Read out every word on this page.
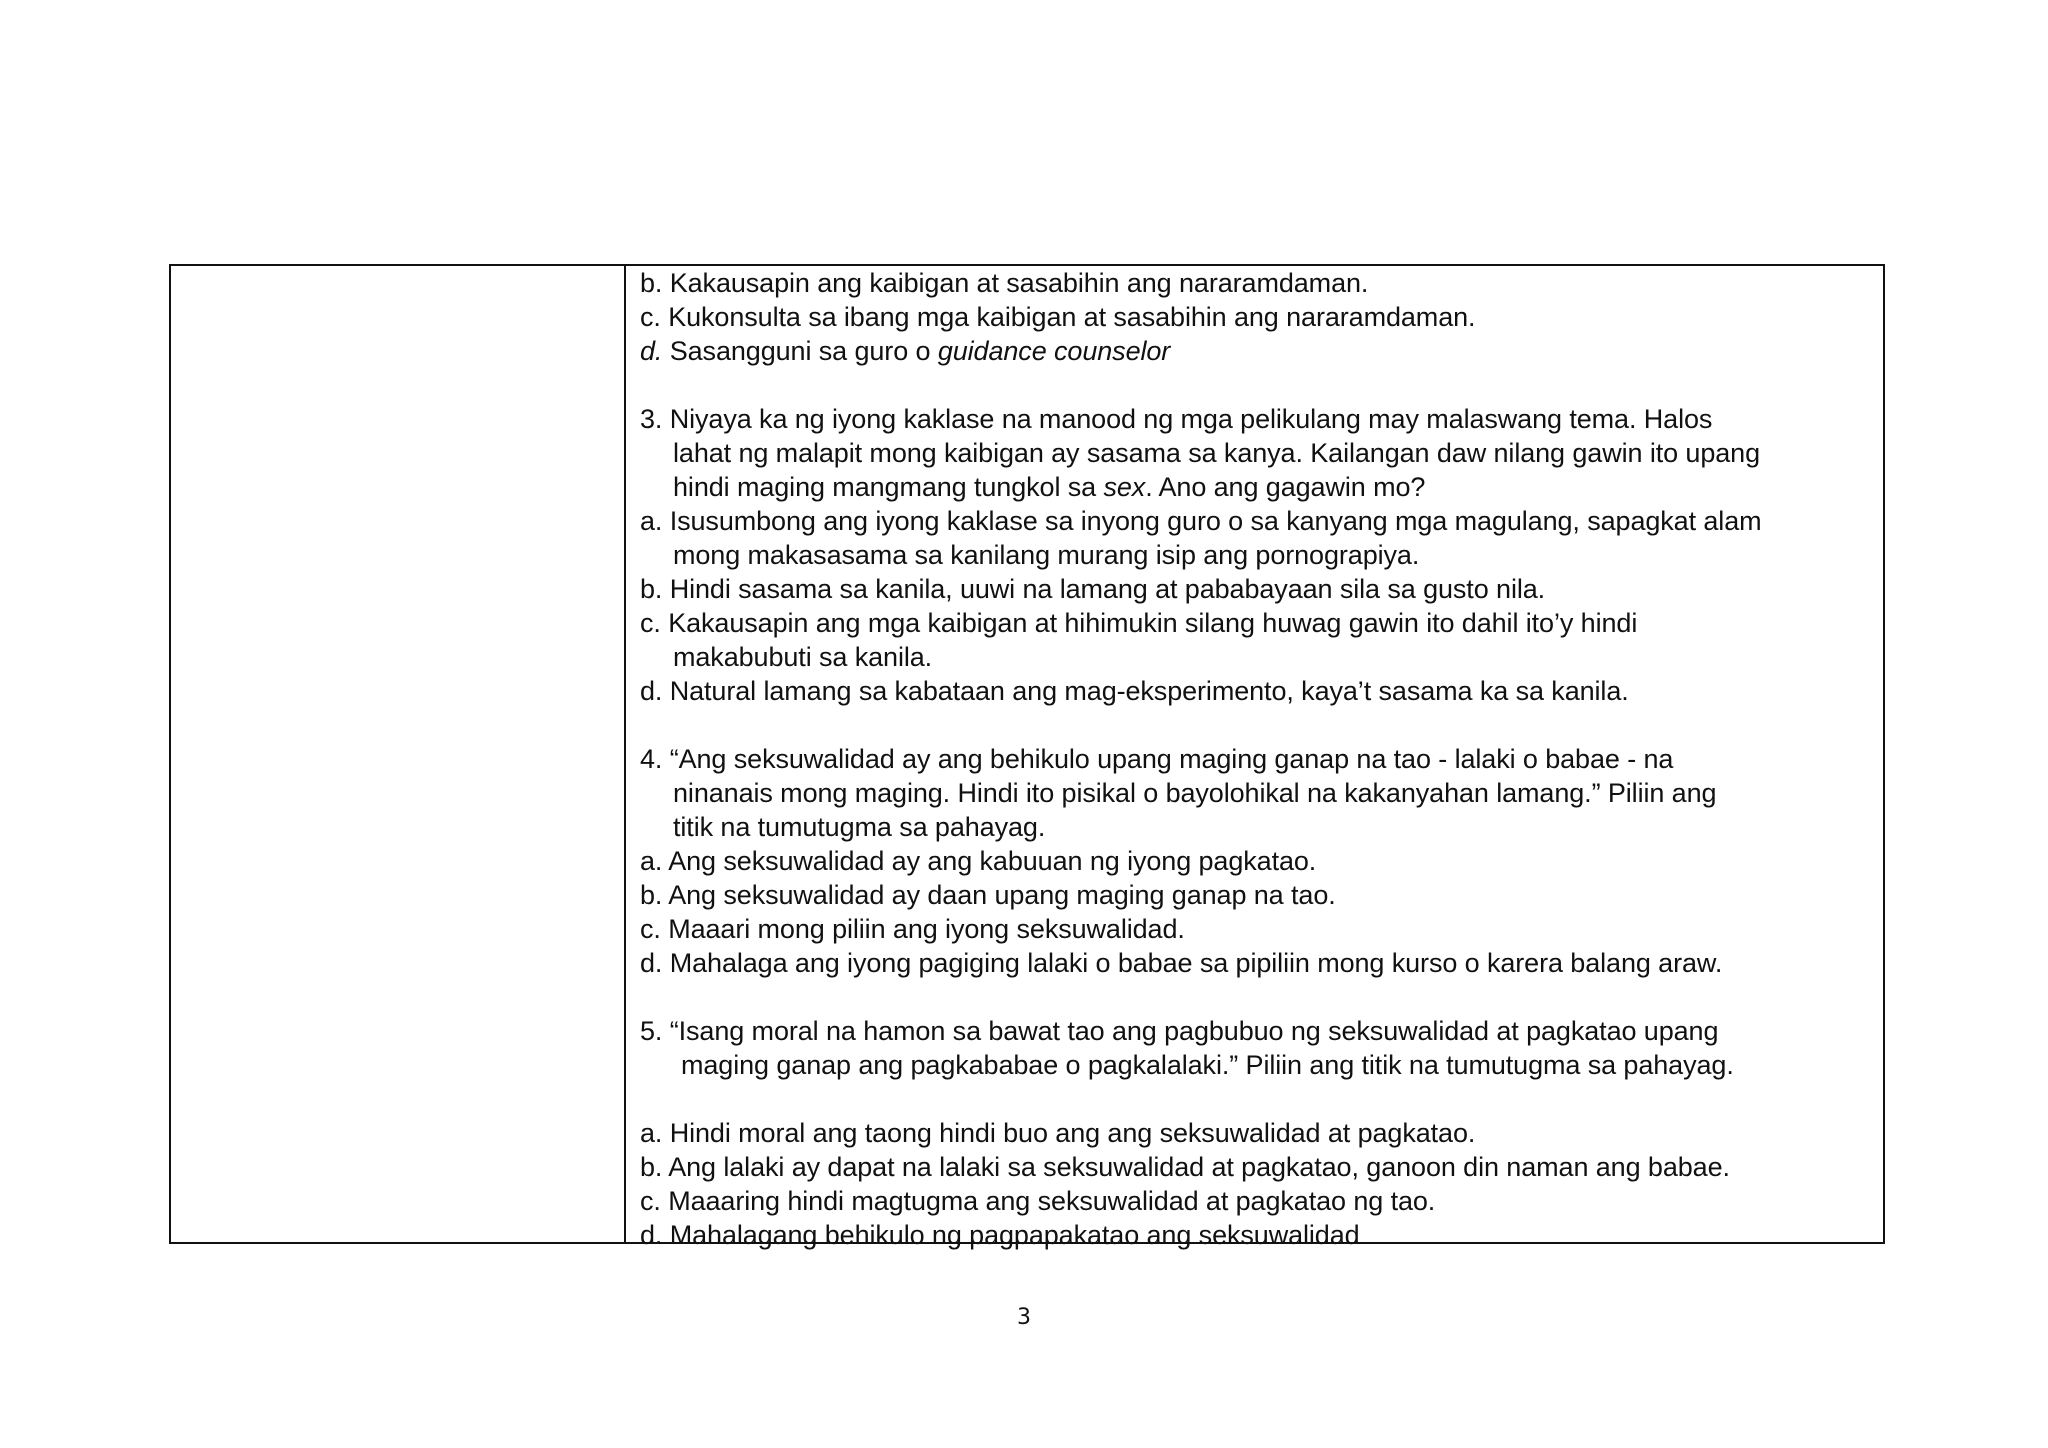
b. Kakausapin ang kaibigan at sasabihin ang nararamdaman.
c. Kukonsulta sa ibang mga kaibigan at sasabihin ang nararamdaman.
d. Sasangguni sa guro o guidance counselor
3. Niyaya ka ng iyong kaklase na manood ng mga pelikulang may malaswang tema. Halos
lahat ng malapit mong kaibigan ay sasama sa kanya. Kailangan daw nilang gawin ito upang
hindi maging mangmang tungkol sa sex. Ano ang gagawin mo?
a. Isusumbong ang iyong kaklase sa inyong guro o sa kanyang mga magulang, sapagkat alam
mong makasasama sa kanilang murang isip ang pornograpiya.
b. Hindi sasama sa kanila, uuwi na lamang at pababayaan sila sa gusto nila.
c. Kakausapin ang mga kaibigan at hihimukin silang huwag gawin ito dahil ito’y hindi
makabubuti sa kanila.
d. Natural lamang sa kabataan ang mag-eksperimento, kaya’t sasama ka sa kanila.
4. “Ang seksuwalidad ay ang behikulo upang maging ganap na tao - lalaki o babae - na
ninanais mong maging. Hindi ito pisikal o bayolohikal na kakanyahan lamang.” Piliin ang
titik na tumutugma sa pahayag.
a. Ang seksuwalidad ay ang kabuuan ng iyong pagkatao.
b. Ang seksuwalidad ay daan upang maging ganap na tao.
c. Maaari mong piliin ang iyong seksuwalidad.
d. Mahalaga ang iyong pagiging lalaki o babae sa pipiliin mong kurso o karera balang araw.
5. “Isang moral na hamon sa bawat tao ang pagbubuo ng seksuwalidad at pagkatao upang
maging ganap ang pagkababae o pagkalalaki.” Piliin ang titik na tumutugma sa pahayag.
a. Hindi moral ang taong hindi buo ang ang seksuwalidad at pagkatao.
b. Ang lalaki ay dapat na lalaki sa seksuwalidad at pagkatao, ganoon din naman ang babae.
c. Maaaring hindi magtugma ang seksuwalidad at pagkatao ng tao.
d. Mahalagang behikulo ng pagpapakatao ang seksuwalidad
3
